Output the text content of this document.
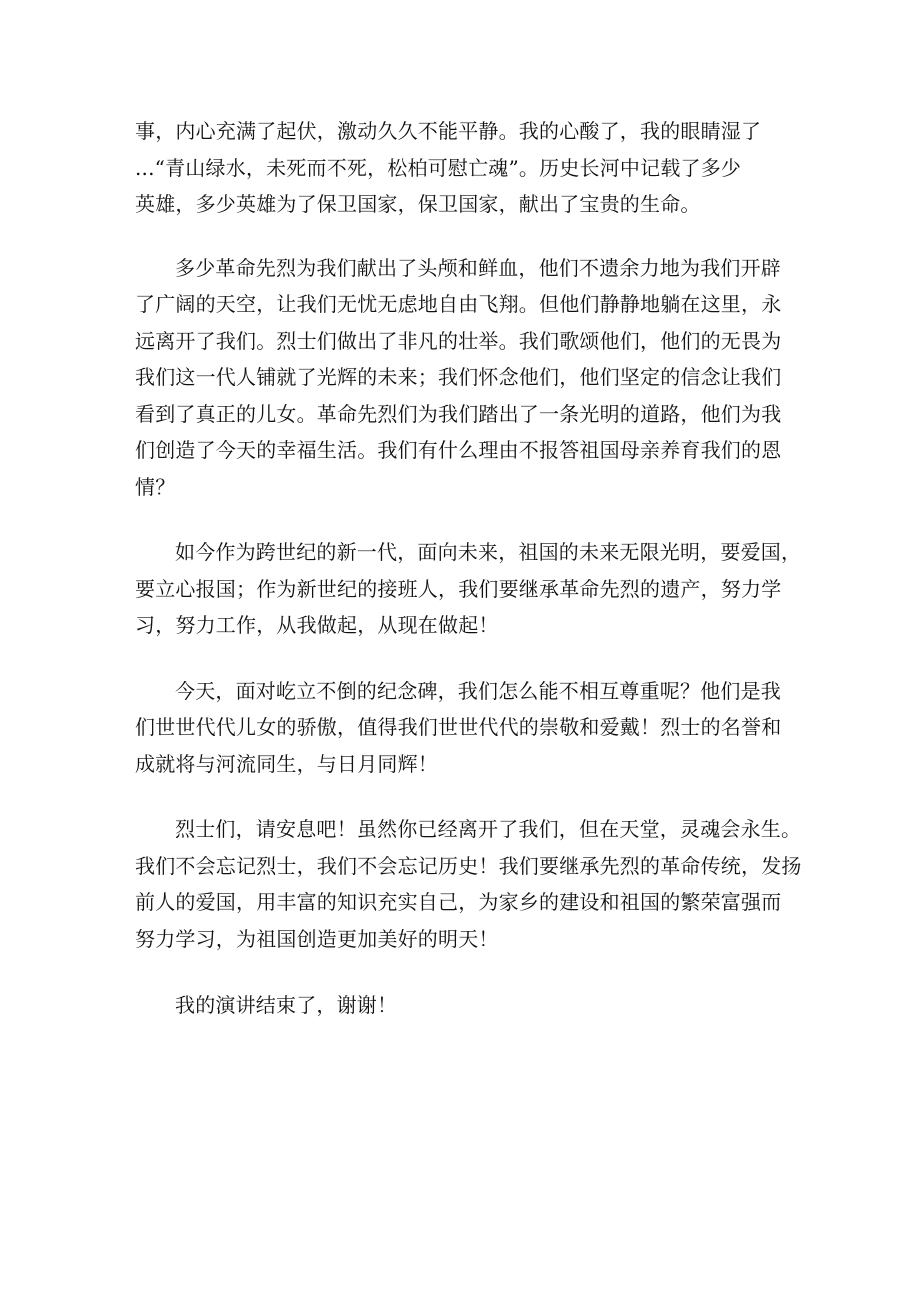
事，内心充满了起伏，激动久久不能平静。我的心酸了，我的眼睛湿了
...“青山绿水，未死而不死，松柏可慰亡魂”。历史长河中记载了多少
英雄，多少英雄为了保卫国家，保卫国家，献出了宝贵的生命。

多少革命先烈为我们献出了头颅和鲜血，他们不遗余力地为我们开辟
了广阔的天空，让我们无忧无虑地自由飞翔。但他们静静地躺在这里，永
远离开了我们。烈士们做出了非凡的壮举。我们歌颂他们，他们的无畏为
我们这一代人铺就了光辉的未来；我们怀念他们，他们坚定的信念让我们
看到了真正的儿女。革命先烈们为我们踏出了一条光明的道路，他们为我
们创造了今天的幸福生活。我们有什么理由不报答祖国母亲养育我们的恩
情？

如今作为跨世纪的新一代，面向未来，祖国的未来无限光明，要爱国，
要立心报国；作为新世纪的接班人，我们要继承革命先烈的遗产，努力学
习，努力工作，从我做起，从现在做起！

今天，面对屹立不倒的纪念碑，我们怎么能不相互尊重呢？他们是我
们世世代代儿女的骄傲，值得我们世世代代的崇敬和爱戴！烈士的名誉和
成就将与河流同生，与日月同辉！

烈士们，请安息吧！虽然你已经离开了我们，但在天堂，灵魂会永生。
我们不会忘记烈士，我们不会忘记历史！我们要继承先烈的革命传统，发扬
前人的爱国，用丰富的知识充实自己，为家乡的建设和祖国的繁荣富强而
努力学习，为祖国创造更加美好的明天！

我的演讲结束了，谢谢！
